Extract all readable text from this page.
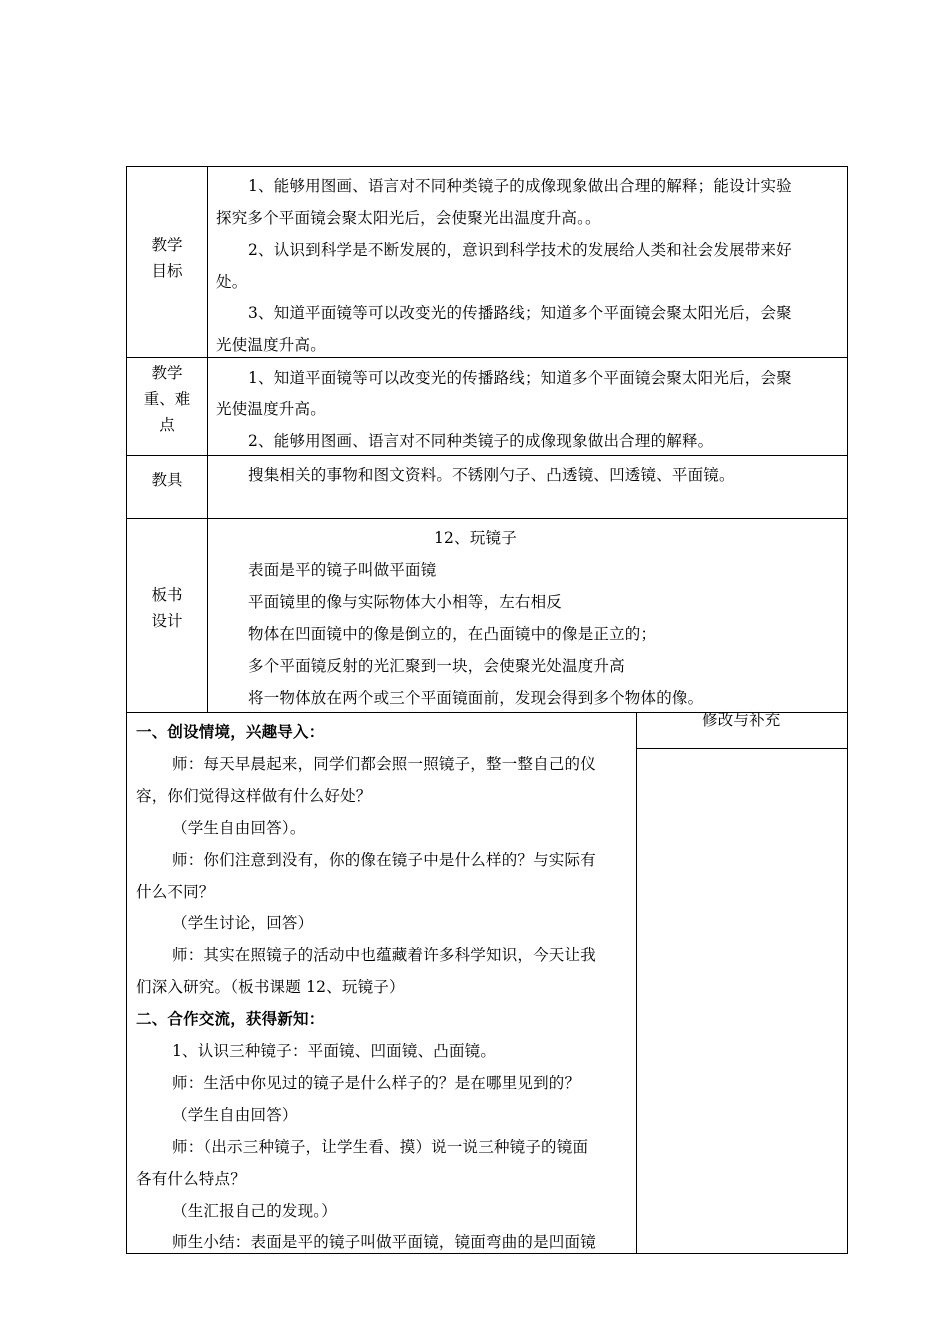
教学
目标
1、能够用图画、语言对不同种类镜子的成像现象做出合理的解释；能设计实验
探究多个平面镜会聚太阳光后，会使聚光出温度升高。。
2、认识到科学是不断发展的，意识到科学技术的发展给人类和社会发展带来好
处。
3、知道平面镜等可以改变光的传播路线；知道多个平面镜会聚太阳光后，会聚
光使温度升高。
教学
重、难
点
1、知道平面镜等可以改变光的传播路线；知道多个平面镜会聚太阳光后，会聚
光使温度升高。
2、能够用图画、语言对不同种类镜子的成像现象做出合理的解释。
教具	搜集相关的事物和图文资料。不锈刚勺子、凸透镜、凹透镜、平面镜。
板书
设计
12、玩镜子
表面是平的镜子叫做平面镜
平面镜里的像与实际物体大小相等，左右相反
物体在凹面镜中的像是倒立的，在凸面镜中的像是正立的；
多个平面镜反射的光汇聚到一块，会使聚光处温度升高
将一物体放在两个或三个平面镜面前，发现会得到多个物体的像。
修改与补充
一、创设情境，兴趣导入：
师：每天早晨起来，同学们都会照一照镜子，整一整自己的仪
容，你们觉得这样做有什么好处？
（学生自由回答）。
师：你们注意到没有，你的像在镜子中是什么样的？与实际有
什么不同？
（学生讨论，回答）
师：其实在照镜子的活动中也蕴藏着许多科学知识，今天让我
们深入研究。（板书课题 12、玩镜子）
二、合作交流，获得新知：
1、认识三种镜子：平面镜、凹面镜、凸面镜。
师：生活中你见过的镜子是什么样子的？是在哪里见到的？
（学生自由回答）
师：（出示三种镜子，让学生看、摸）说一说三种镜子的镜面
各有什么特点？
（生汇报自己的发现。）
师生小结：表面是平的镜子叫做平面镜，镜面弯曲的是凹面镜
